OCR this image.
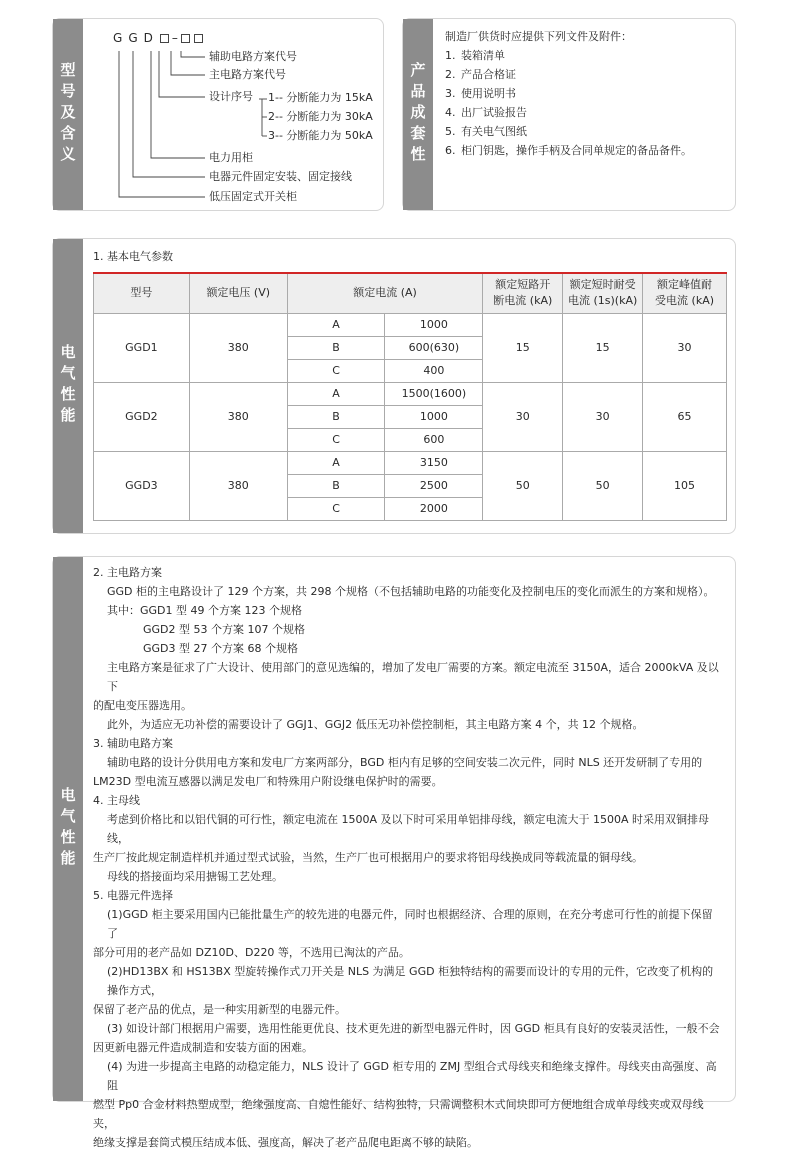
型号及含义
G G D –
辅助电路方案代号
主电路方案代号
设计序号 1-- 分断能力为 15kA
2-- 分断能力为 30kA
3-- 分断能力为 50kA
电力用柜
电器元件固定安装、固定接线
低压固定式开关柜
产品成套性
制造厂供货时应提供下列文件及附件：
1. 装箱清单
2. 产品合格证
3. 使用说明书
4. 出厂试验报告
5. 有关电气图纸
6. 柜门钥匙，操作手柄及合同单规定的备品备件。
电气性能
1. 基本电气参数
型号	额定电压 (V)	额定电流 (A)		额定短路开
断电流 (kA)	额定短时耐受
电流 (1s)(kA)	额定峰值耐
受电流 (kA)
GGD1	380	A	1000	15	15	30
		B	600(630)			
		C	400			
GGD2	380	A	1500(1600)	30	30	65
		B	1000			
		C	600			
GGD3	380	A	3150	50	50	105
		B	2500			
		C	2000			
电气性能

2. 主电路方案

GGD 柜的主电路设计了 129 个方案，共 298 个规格（不包括辅助电路的功能变化及控制电压的变化而派生的方案和规格）。

其中：GGD1 型 49 个方案 123 个规格

GGD2 型 53 个方案 107 个规格

GGD3 型 27 个方案 68 个规格

主电路方案是征求了广大设计、使用部门的意见选编的，增加了发电厂需要的方案。额定电流至 3150A，适合 2000kVA 及以下

的配电变压器选用。

此外，为适应无功补偿的需要设计了 GGJ1、GGJ2 低压无功补偿控制柜，其主电路方案 4 个，共 12 个规格。

3. 辅助电路方案

辅助电路的设计分供用电方案和发电厂方案两部分，BGD 柜内有足够的空间安装二次元件，同时 NLS 还开发研制了专用的

LM23D 型电流互感器以满足发电厂和特殊用户附设继电保护时的需要。

4. 主母线

考虑到价格比和以铝代铜的可行性，额定电流在 1500A 及以下时可采用单铝排母线，额定电流大于 1500A 时采用双铜排母线，

生产厂按此规定制造样机并通过型式试验，当然，生产厂也可根据用户的要求将铝母线换成同等载流量的铜母线。

母线的搭接面均采用搪锡工艺处理。

5. 电器元件选择

(1)GGD 柜主要采用国内已能批量生产的较先进的电器元件，同时也根据经济、合理的原则，在充分考虑可行性的前提下保留了

部分可用的老产品如 DZ10D、D220 等，不选用已淘汰的产品。

(2)HD13BX 和 HS13BX 型旋转操作式刀开关是 NLS 为满足 GGD 柜独特结构的需要而设计的专用的元件，它改变了机构的操作方式，

保留了老产品的优点，是一种实用新型的电器元件。

(3) 如设计部门根据用户需要，选用性能更优良、技术更先进的新型电器元件时，因 GGD 柜具有良好的安装灵活性，一般不会

因更新电器元件造成制造和安装方面的困难。

(4) 为进一步提高主电路的动稳定能力，NLS 设计了 GGD 柜专用的 ZMJ 型组合式母线夹和绝缘支撑件。母线夹由高强度、高阻

燃型 Pp0 合金材料热塑成型，绝缘强度高、自熄性能好、结构独特，只需调整积木式间块即可方便地组合成单母线夹或双母线夹，

绝缘支撑是套筒式模压结成本低、强度高，解决了老产品爬电距离不够的缺陷。
